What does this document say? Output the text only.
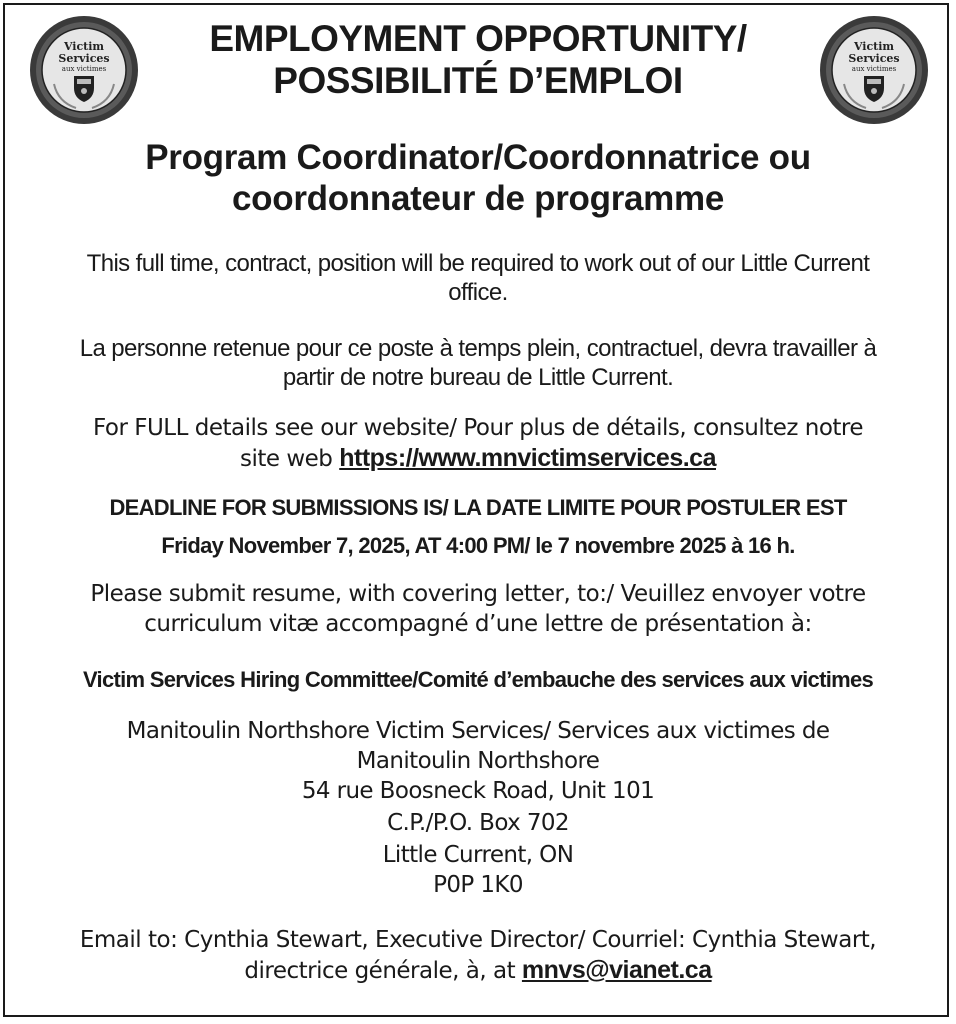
Victim
Services
aux victimes
Victim
Services
aux victimes
EMPLOYMENT OPPORTUNITY/
POSSIBILITÉ D’EMPLOI
Program Coordinator/Coordonnatrice ou
coordonnateur de programme
This full time, contract, position will be required to work out of our Little Current
office.
La personne retenue pour ce poste à temps plein, contractuel, devra travailler à
partir de notre bureau de Little Current.
For FULL details see our website/ Pour plus de détails, consultez notre
site web https://www.mnvictimservices.ca
DEADLINE FOR SUBMISSIONS IS/ LA DATE LIMITE POUR POSTULER EST
Friday November 7, 2025, AT 4:00 PM/ le 7 novembre 2025 à 16 h.
Please submit resume, with covering letter, to:/ Veuillez envoyer votre
curriculum vitæ accompagné d’une lettre de présentation à:
Victim Services Hiring Committee/Comité d’embauche des services aux victimes
Manitoulin Northshore Victim Services/ Services aux victimes de
Manitoulin Northshore
54 rue Boosneck Road, Unit 101
C.P./P.O. Box 702
Little Current, ON
P0P 1K0
Email to: Cynthia Stewart, Executive Director/ Courriel: Cynthia Stewart,
directrice générale, à, at mnvs@vianet.ca
